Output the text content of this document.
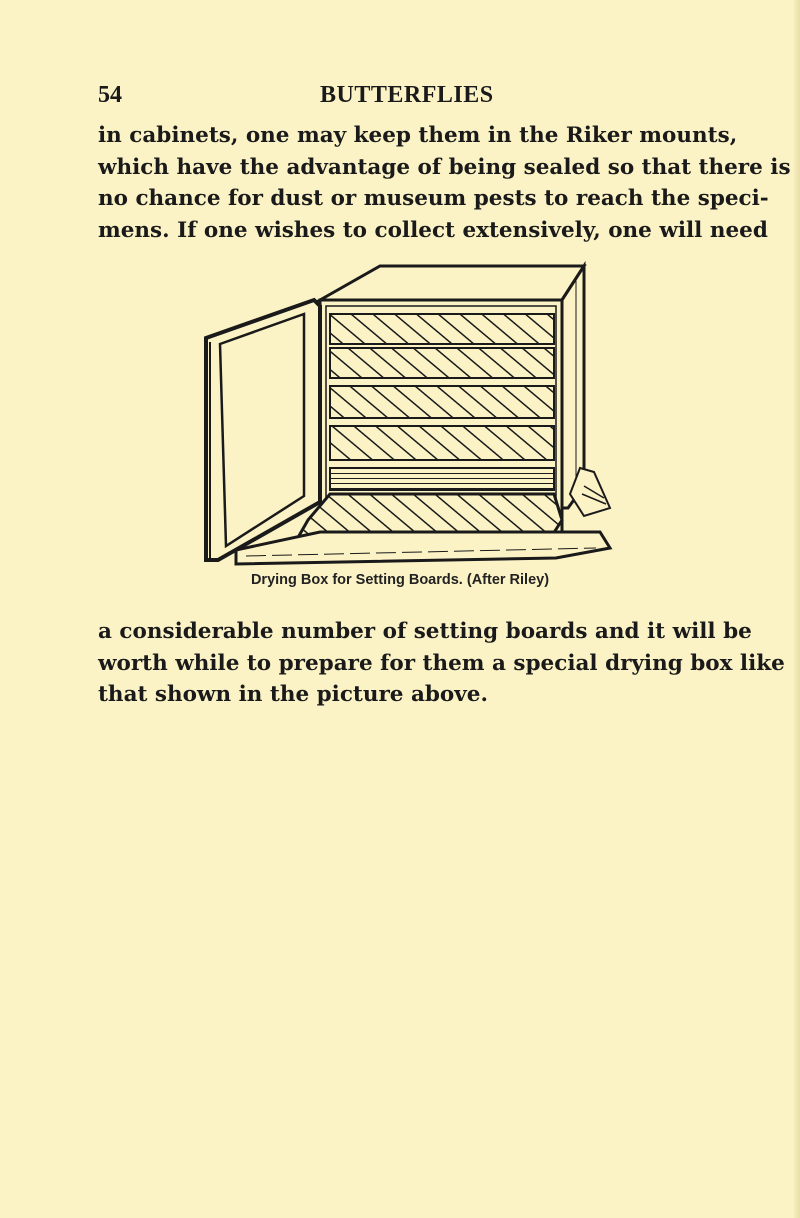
54	BUTTERFLIES

in cabinets, one may keep them in the Riker mounts,
which have the advantage of being sealed so that there is
no chance for dust or museum pests to reach the speci-
mens. If one wishes to collect extensively, one will need

Drying Box for Setting Boards. (After Riley)

a considerable number of setting boards and it will be
worth while to prepare for them a special drying box like
that shown in the picture above.
